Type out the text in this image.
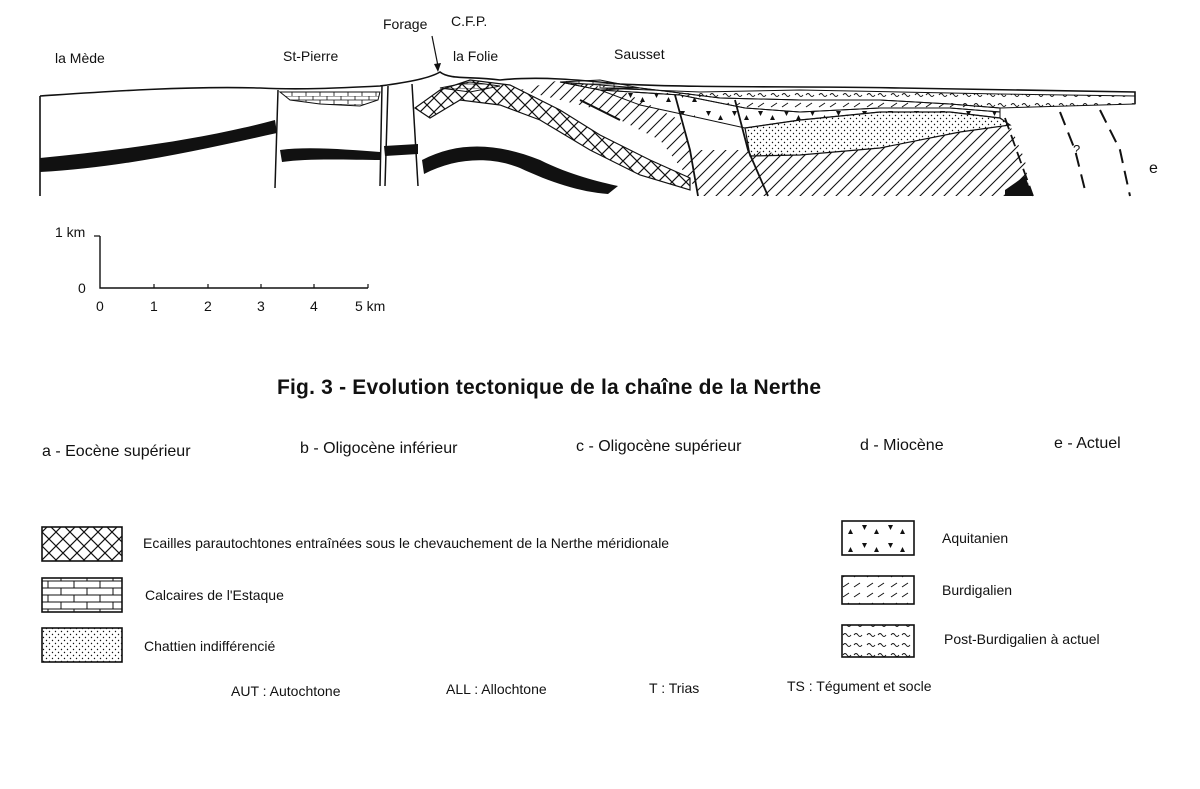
la Mède	St-Pierre
Forage C.F.P.
la Folie	Sausset
?
e
1 km
0
0	1	2	3	4	5 km
Fig. 3 - Evolution tectonique de la chaîne de la Nerthe
a - Eocène supérieur	b - Oligocène inférieur	c - Oligocène supérieur	d - Miocène	e - Actuel
Ecailles parautochtones entraînées sous le chevauchement de la Nerthe méridionale
Calcaires de l'Estaque
Chattien indifférencié
Aquitanien
Burdigalien
Post-Burdigalien à actuel
AUT : Autochtone	ALL : Allochtone	T : Trias	TS : Tégument et socle
